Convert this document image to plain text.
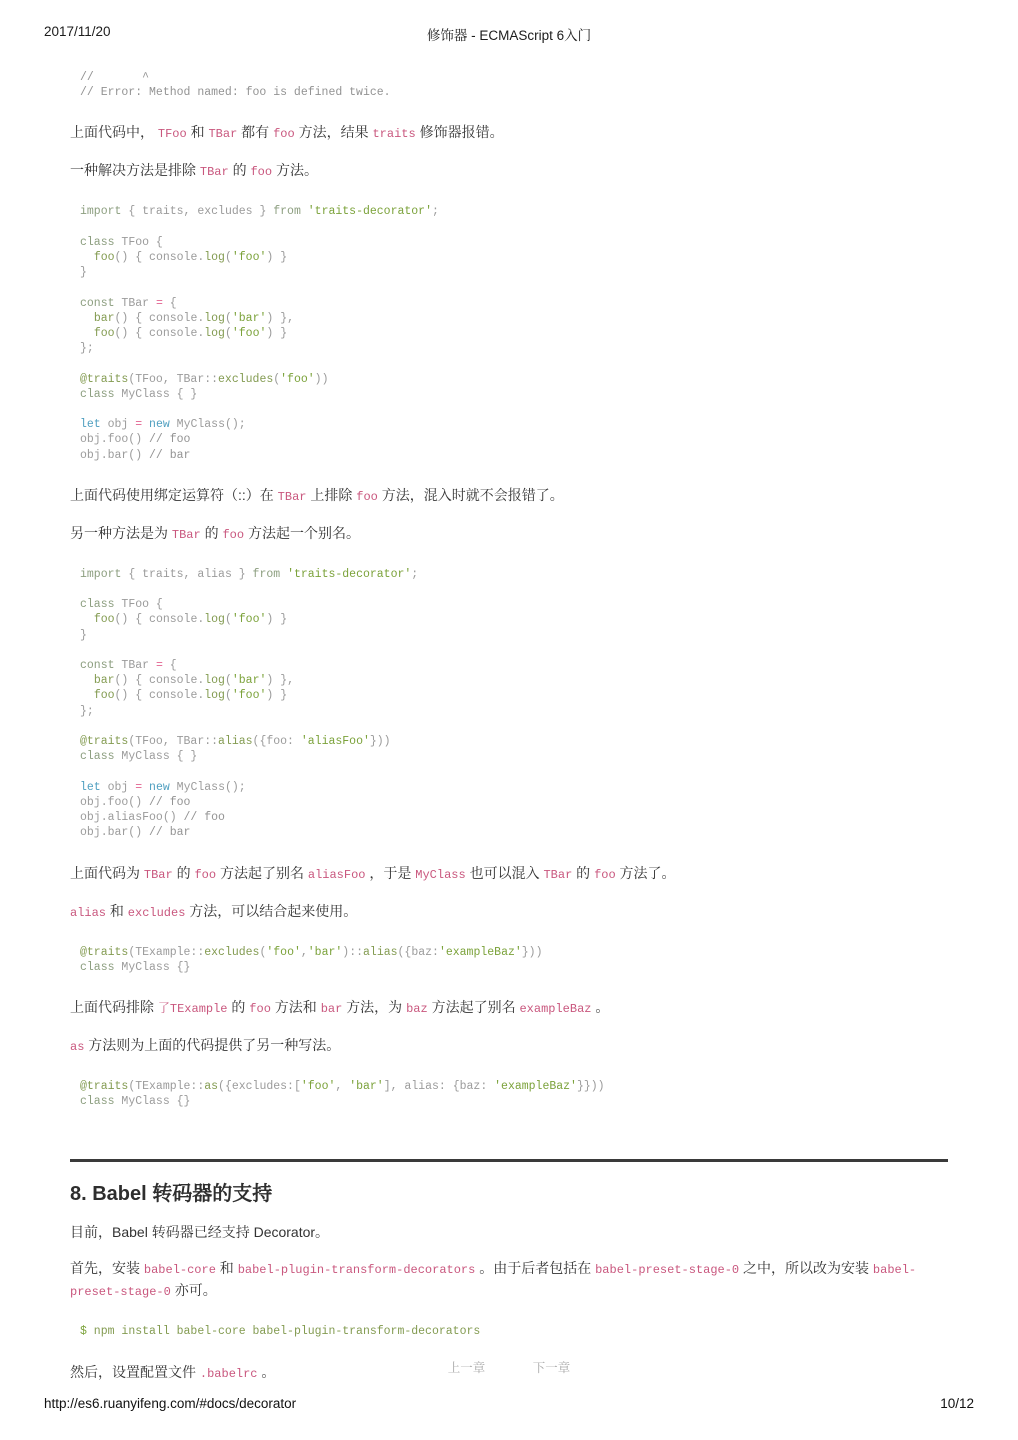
2017/11/20	修饰器 - ECMAScript 6入门
//       ^
// Error: Method named: foo is defined twice.

上面代码中， TFoo 和 TBar 都有 foo 方法，结果 traits 修饰器报错。

一种解决方法是排除 TBar 的 foo 方法。

import { traits, excludes } from 'traits-decorator';

class TFoo {
foo() { console.log('foo') }
}

const TBar = {
bar() { console.log('bar') },
foo() { console.log('foo') }
};

@traits(TFoo, TBar::excludes('foo'))
class MyClass { }

let obj = new MyClass();
obj.foo() // foo
obj.bar() // bar

上面代码使用绑定运算符（::）在 TBar 上排除 foo 方法，混入时就不会报错了。

另一种方法是为 TBar 的 foo 方法起一个别名。

import { traits, alias } from 'traits-decorator';

class TFoo {
foo() { console.log('foo') }
}

const TBar = {
bar() { console.log('bar') },
foo() { console.log('foo') }
};

@traits(TFoo, TBar::alias({foo: 'aliasFoo'}))
class MyClass { }

let obj = new MyClass();
obj.foo() // foo
obj.aliasFoo() // foo
obj.bar() // bar

上面代码为 TBar 的 foo 方法起了别名 aliasFoo ，于是 MyClass 也可以混入 TBar 的 foo 方法了。

alias 和 excludes 方法，可以结合起来使用。

@traits(TExample::excludes('foo','bar')::alias({baz:'exampleBaz'}))
class MyClass {}

上面代码排除 了TExample 的 foo 方法和 bar 方法，为 baz 方法起了别名 exampleBaz 。

as 方法则为上面的代码提供了另一种写法。

@traits(TExample::as({excludes:['foo', 'bar'], alias: {baz: 'exampleBaz'}}))
class MyClass {}
8. Babel 转码器的支持

目前，Babel 转码器已经支持 Decorator。

首先，安装 babel-core 和 babel-plugin-transform-decorators 。由于后者包括在 babel-preset-stage-0 之中，所以改为安装 babel-preset-stage-0 亦可。

$ npm install babel-core babel-plugin-transform-decorators

然后，设置配置文件 .babelrc 。	上一章	下一章
http://es6.ruanyifeng.com/#docs/decorator	10/12
